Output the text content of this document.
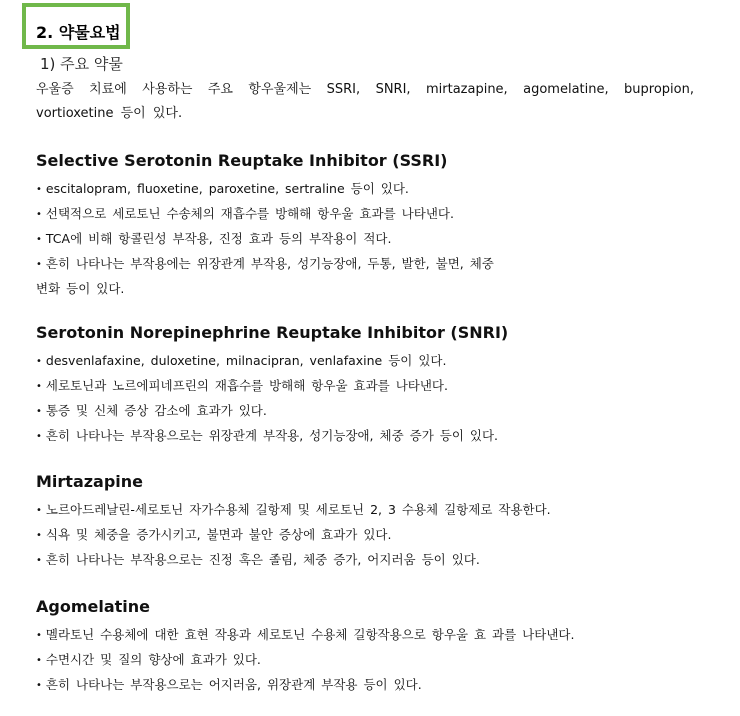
2. 약물요법
1) 주요 약물
우울증 치료에 사용하는 주요 항우울제는 SSRI, SNRI, mirtazapine, agomelatine, bupropion, vortioxetine 등이 있다.
Selective Serotonin Reuptake Inhibitor (SSRI)
• escitalopram, fluoxetine, paroxetine, sertraline 등이 있다.
• 선택적으로 세로토닌 수송체의 재흡수를 방해해 항우울 효과를 나타낸다.
• TCA에 비해 항콜린성 부작용, 진정 효과 등의 부작용이 적다.
• 흔히 나타나는 부작용에는 위장관계 부작용, 성기능장애, 두통, 발한, 불면, 체중 변화 등이 있다.
Serotonin Norepinephrine Reuptake Inhibitor (SNRI)
• desvenlafaxine, duloxetine, milnacipran, venlafaxine 등이 있다.
• 세로토닌과 노르에피네프린의 재흡수를 방해해 항우울 효과를 나타낸다.
• 통증 및 신체 증상 감소에 효과가 있다.
• 흔히 나타나는 부작용으로는 위장관계 부작용, 성기능장애, 체중 증가 등이 있다.
Mirtazapine
• 노르아드레날린-세로토닌 자가수용체 길항제 및 세로토닌 2, 3 수용체 길항제로 작용한다.
• 식욕 및 체중을 증가시키고, 불면과 불안 증상에 효과가 있다.
• 흔히 나타나는 부작용으로는 진정 혹은 졸림, 체중 증가, 어지러움 등이 있다.
Agomelatine
• 멜라토닌 수용체에 대한 효현 작용과 세로토닌 수용체 길항작용으로 항우울 효 과를 나타낸다.
• 수면시간 및 질의 향상에 효과가 있다.
• 흔히 나타나는 부작용으로는 어지러움, 위장관계 부작용 등이 있다.
